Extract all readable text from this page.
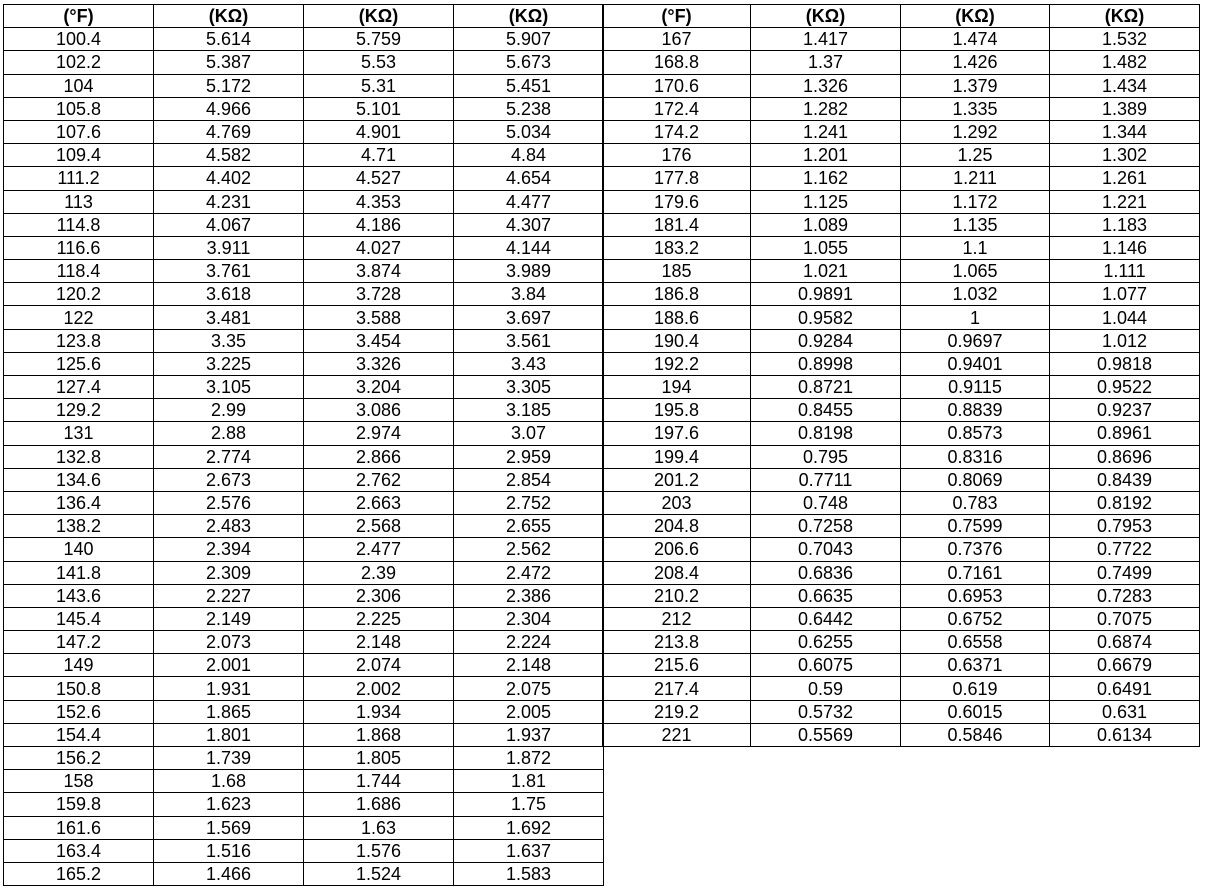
(°F)	(KΩ)	(KΩ)	(KΩ)
100.4	5.614	5.759	5.907
102.2	5.387	5.53	5.673
104	5.172	5.31	5.451
105.8	4.966	5.101	5.238
107.6	4.769	4.901	5.034
109.4	4.582	4.71	4.84
111.2	4.402	4.527	4.654
113	4.231	4.353	4.477
114.8	4.067	4.186	4.307
116.6	3.911	4.027	4.144
118.4	3.761	3.874	3.989
120.2	3.618	3.728	3.84
122	3.481	3.588	3.697
123.8	3.35	3.454	3.561
125.6	3.225	3.326	3.43
127.4	3.105	3.204	3.305
129.2	2.99	3.086	3.185
131	2.88	2.974	3.07
132.8	2.774	2.866	2.959
134.6	2.673	2.762	2.854
136.4	2.576	2.663	2.752
138.2	2.483	2.568	2.655
140	2.394	2.477	2.562
141.8	2.309	2.39	2.472
143.6	2.227	2.306	2.386
145.4	2.149	2.225	2.304
147.2	2.073	2.148	2.224
149	2.001	2.074	2.148
150.8	1.931	2.002	2.075
152.6	1.865	1.934	2.005
154.4	1.801	1.868	1.937
156.2	1.739	1.805	1.872
158	1.68	1.744	1.81
159.8	1.623	1.686	1.75
161.6	1.569	1.63	1.692
163.4	1.516	1.576	1.637
165.2	1.466	1.524	1.583
(°F)	(KΩ)	(KΩ)	(KΩ)
167	1.417	1.474	1.532
168.8	1.37	1.426	1.482
170.6	1.326	1.379	1.434
172.4	1.282	1.335	1.389
174.2	1.241	1.292	1.344
176	1.201	1.25	1.302
177.8	1.162	1.211	1.261
179.6	1.125	1.172	1.221
181.4	1.089	1.135	1.183
183.2	1.055	1.1	1.146
185	1.021	1.065	1.111
186.8	0.9891	1.032	1.077
188.6	0.9582	1	1.044
190.4	0.9284	0.9697	1.012
192.2	0.8998	0.9401	0.9818
194	0.8721	0.9115	0.9522
195.8	0.8455	0.8839	0.9237
197.6	0.8198	0.8573	0.8961
199.4	0.795	0.8316	0.8696
201.2	0.7711	0.8069	0.8439
203	0.748	0.783	0.8192
204.8	0.7258	0.7599	0.7953
206.6	0.7043	0.7376	0.7722
208.4	0.6836	0.7161	0.7499
210.2	0.6635	0.6953	0.7283
212	0.6442	0.6752	0.7075
213.8	0.6255	0.6558	0.6874
215.6	0.6075	0.6371	0.6679
217.4	0.59	0.619	0.6491
219.2	0.5732	0.6015	0.631
221	0.5569	0.5846	0.6134
